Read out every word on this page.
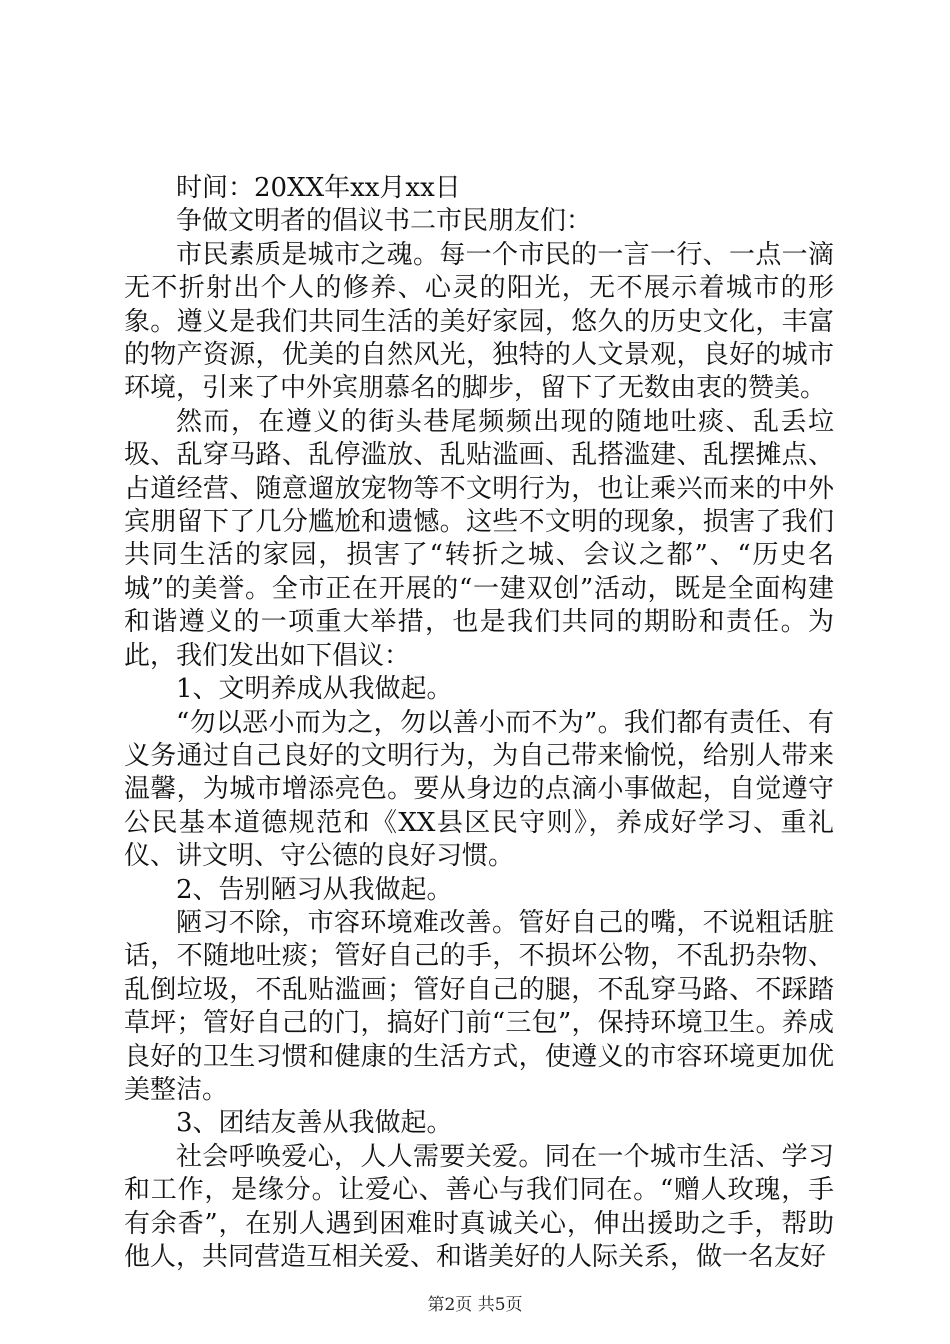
时间：20XX年xx月xx日

争做文明者的倡议书二市民朋友们：

市民素质是城市之魂。每一个市民的一言一行、一点一滴无不折射出个人的修养、心灵的阳光，无不展示着城市的形象。遵义是我们共同生活的美好家园，悠久的历史文化，丰富的物产资源，优美的自然风光，独特的人文景观，良好的城市环境，引来了中外宾朋慕名的脚步，留下了无数由衷的赞美。

然而，在遵义的街头巷尾频频出现的随地吐痰、乱丢垃圾、乱穿马路、乱停滥放、乱贴滥画、乱搭滥建、乱摆摊点、占道经营、随意遛放宠物等不文明行为，也让乘兴而来的中外宾朋留下了几分尴尬和遗憾。这些不文明的现象，损害了我们共同生活的家园，损害了“转折之城、会议之都”、“历史名城”的美誉。全市正在开展的“一建双创”活动，既是全面构建和谐遵义的一项重大举措，也是我们共同的期盼和责任。为此，我们发出如下倡议：

1、文明养成从我做起。

“勿以恶小而为之，勿以善小而不为”。我们都有责任、有义务通过自己良好的文明行为，为自己带来愉悦，给别人带来温馨，为城市增添亮色。要从身边的点滴小事做起，自觉遵守公民基本道德规范和《XX县区民守则》，养成好学习、重礼仪、讲文明、守公德的良好习惯。

2、告别陋习从我做起。

陋习不除，市容环境难改善。管好自己的嘴，不说粗话脏话，不随地吐痰；管好自己的手，不损坏公物，不乱扔杂物、乱倒垃圾，不乱贴滥画；管好自己的腿，不乱穿马路、不踩踏草坪；管好自己的门，搞好门前“三包”，保持环境卫生。养成良好的卫生习惯和健康的生活方式，使遵义的市容环境更加优美整洁。

3、团结友善从我做起。

社会呼唤爱心，人人需要关爱。同在一个城市生活、学习和工作，是缘分。让爱心、善心与我们同在。“赠人玫瑰，手有余香”，在别人遇到困难时真诚关心，伸出援助之手，帮助他人，共同营造互相关爱、和谐美好的人际关系，做一名友好

第2页 共5页
